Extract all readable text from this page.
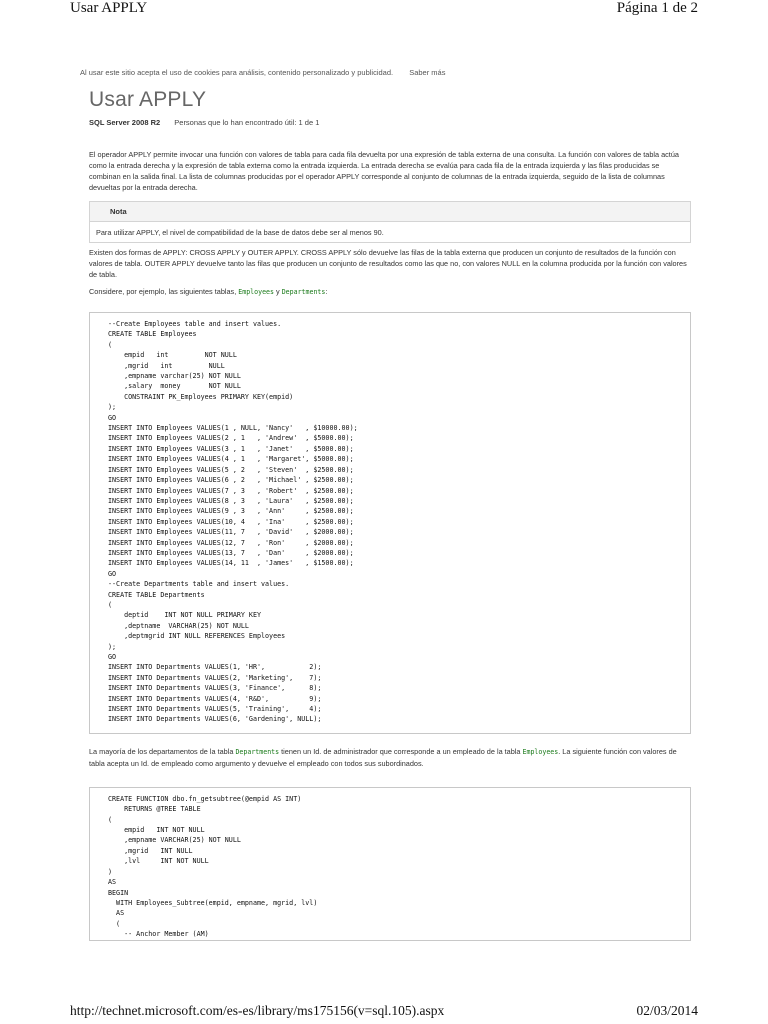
Usar APPLY	Página 1 de 2
Al usar este sitio acepta el uso de cookies para análisis, contenido personalizado y publicidad. Saber más
Usar APPLY
SQL Server 2008 R2 Personas que lo han encontrado útil: 1 de 1

El operador APPLY permite invocar una función con valores de tabla para cada fila devuelta por una expresión de tabla externa de una consulta. La función con valores de tabla actúa como la entrada derecha y la expresión de tabla externa como la entrada izquierda. La entrada derecha se evalúa para cada fila de la entrada izquierda y las filas producidas se combinan en la salida final. La lista de columnas producidas por el operador APPLY corresponde al conjunto de columnas de la entrada izquierda, seguido de la lista de columnas devueltas por la entrada derecha.

Nota
Para utilizar APPLY, el nivel de compatibilidad de la base de datos debe ser al menos 90.

Existen dos formas de APPLY: CROSS APPLY y OUTER APPLY. CROSS APPLY sólo devuelve las filas de la tabla externa que producen un conjunto de resultados de la función con valores de tabla. OUTER APPLY devuelve tanto las filas que producen un conjunto de resultados como las que no, con valores NULL en la columna producida por la función con valores de tabla.

Considere, por ejemplo, las siguientes tablas, Employees y Departments:

--Create Employees table and insert values.
CREATE TABLE Employees
(
empid   int         NOT NULL
,mgrid   int         NULL
,empname varchar(25) NOT NULL
,salary  money       NOT NULL
CONSTRAINT PK_Employees PRIMARY KEY(empid)
);
GO
INSERT INTO Employees VALUES(1 , NULL, 'Nancy'   , $10000.00);
INSERT INTO Employees VALUES(2 , 1   , 'Andrew'  , $5000.00);
INSERT INTO Employees VALUES(3 , 1   , 'Janet'   , $5000.00);
INSERT INTO Employees VALUES(4 , 1   , 'Margaret', $5000.00);
INSERT INTO Employees VALUES(5 , 2   , 'Steven'  , $2500.00);
INSERT INTO Employees VALUES(6 , 2   , 'Michael' , $2500.00);
INSERT INTO Employees VALUES(7 , 3   , 'Robert'  , $2500.00);
INSERT INTO Employees VALUES(8 , 3   , 'Laura'   , $2500.00);
INSERT INTO Employees VALUES(9 , 3   , 'Ann'     , $2500.00);
INSERT INTO Employees VALUES(10, 4   , 'Ina'     , $2500.00);
INSERT INTO Employees VALUES(11, 7   , 'David'   , $2000.00);
INSERT INTO Employees VALUES(12, 7   , 'Ron'     , $2000.00);
INSERT INTO Employees VALUES(13, 7   , 'Dan'     , $2000.00);
INSERT INTO Employees VALUES(14, 11  , 'James'   , $1500.00);
GO
--Create Departments table and insert values.
CREATE TABLE Departments
(
deptid    INT NOT NULL PRIMARY KEY
,deptname  VARCHAR(25) NOT NULL
,deptmgrid INT NULL REFERENCES Employees
);
GO
INSERT INTO Departments VALUES(1, 'HR',           2);
INSERT INTO Departments VALUES(2, 'Marketing',    7);
INSERT INTO Departments VALUES(3, 'Finance',      8);
INSERT INTO Departments VALUES(4, 'R&D',          9);
INSERT INTO Departments VALUES(5, 'Training',     4);
INSERT INTO Departments VALUES(6, 'Gardening', NULL);

La mayoría de los departamentos de la tabla Departments tienen un Id. de administrador que corresponde a un empleado de la tabla Employees. La siguiente función con valores de tabla acepta un Id. de empleado como argumento y devuelve el empleado con todos sus subordinados.

CREATE FUNCTION dbo.fn_getsubtree(@empid AS INT)
RETURNS @TREE TABLE
(
empid   INT NOT NULL
,empname VARCHAR(25) NOT NULL
,mgrid   INT NULL
,lvl     INT NOT NULL
)
AS
BEGIN
WITH Employees_Subtree(empid, empname, mgrid, lvl)
AS
(
-- Anchor Member (AM)
http://technet.microsoft.com/es-es/library/ms175156(v=sql.105).aspx	02/03/2014
